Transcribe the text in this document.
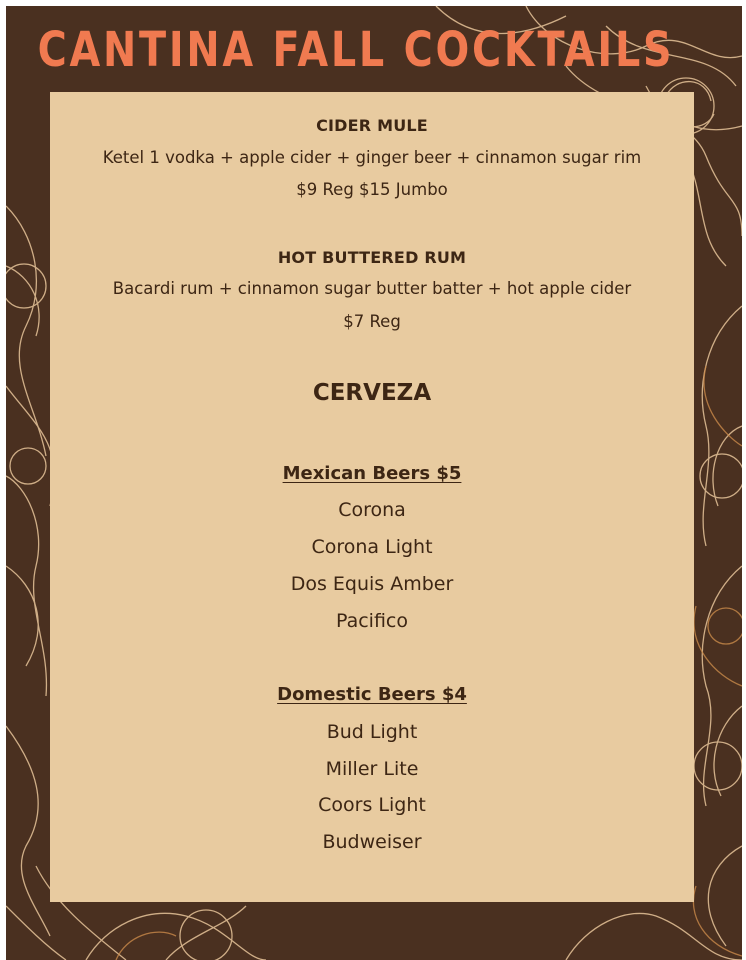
CANTINA FALL COCKTAILS
CIDER MULE
Ketel 1 vodka + apple cider + ginger beer + cinnamon sugar rim
$9 Reg $15 Jumbo
HOT BUTTERED RUM
Bacardi rum + cinnamon sugar butter batter + hot apple cider
$7 Reg
CERVEZA
Mexican Beers $5
Corona
Corona Light
Dos Equis Amber
Pacifico
Domestic Beers $4
Bud Light
Miller Lite
Coors Light
Budweiser
